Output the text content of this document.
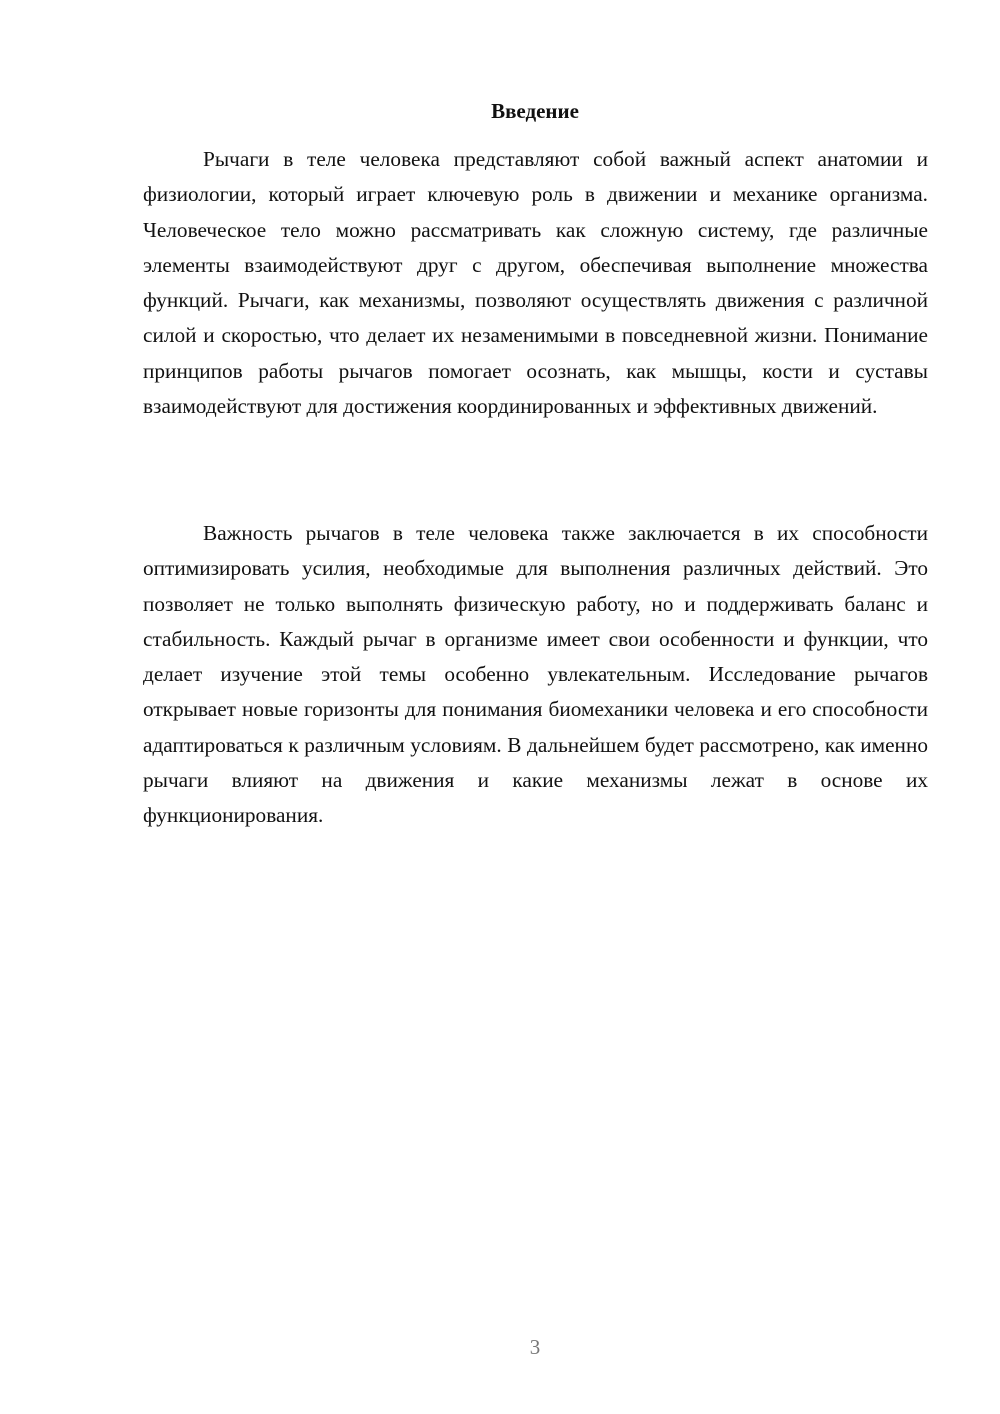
Введение

Рычаги в теле человека представляют собой важный аспект анатомии и физиологии, который играет ключевую роль в движении и механике организма. Человеческое тело можно рассматривать как сложную систему, где различные элементы взаимодействуют друг с другом, обеспечивая выполнение множества функций. Рычаги, как механизмы, позволяют осуществлять движения с различной силой и скоростью, что делает их незаменимыми в повседневной жизни. Понимание принципов работы рычагов помогает осознать, как мышцы, кости и суставы взаимодействуют для достижения координированных и эффективных движений.

Важность рычагов в теле человека также заключается в их способности оптимизировать усилия, необходимые для выполнения различных действий. Это позволяет не только выполнять физическую работу, но и поддерживать баланс и стабильность. Каждый рычаг в организме имеет свои особенности и функции, что делает изучение этой темы особенно увлекательным. Исследование рычагов открывает новые горизонты для понимания биомеханики человека и его способности адаптироваться к различным условиям. В дальнейшем будет рассмотрено, как именно рычаги влияют на движения и какие механизмы лежат в основе их функционирования.

3
